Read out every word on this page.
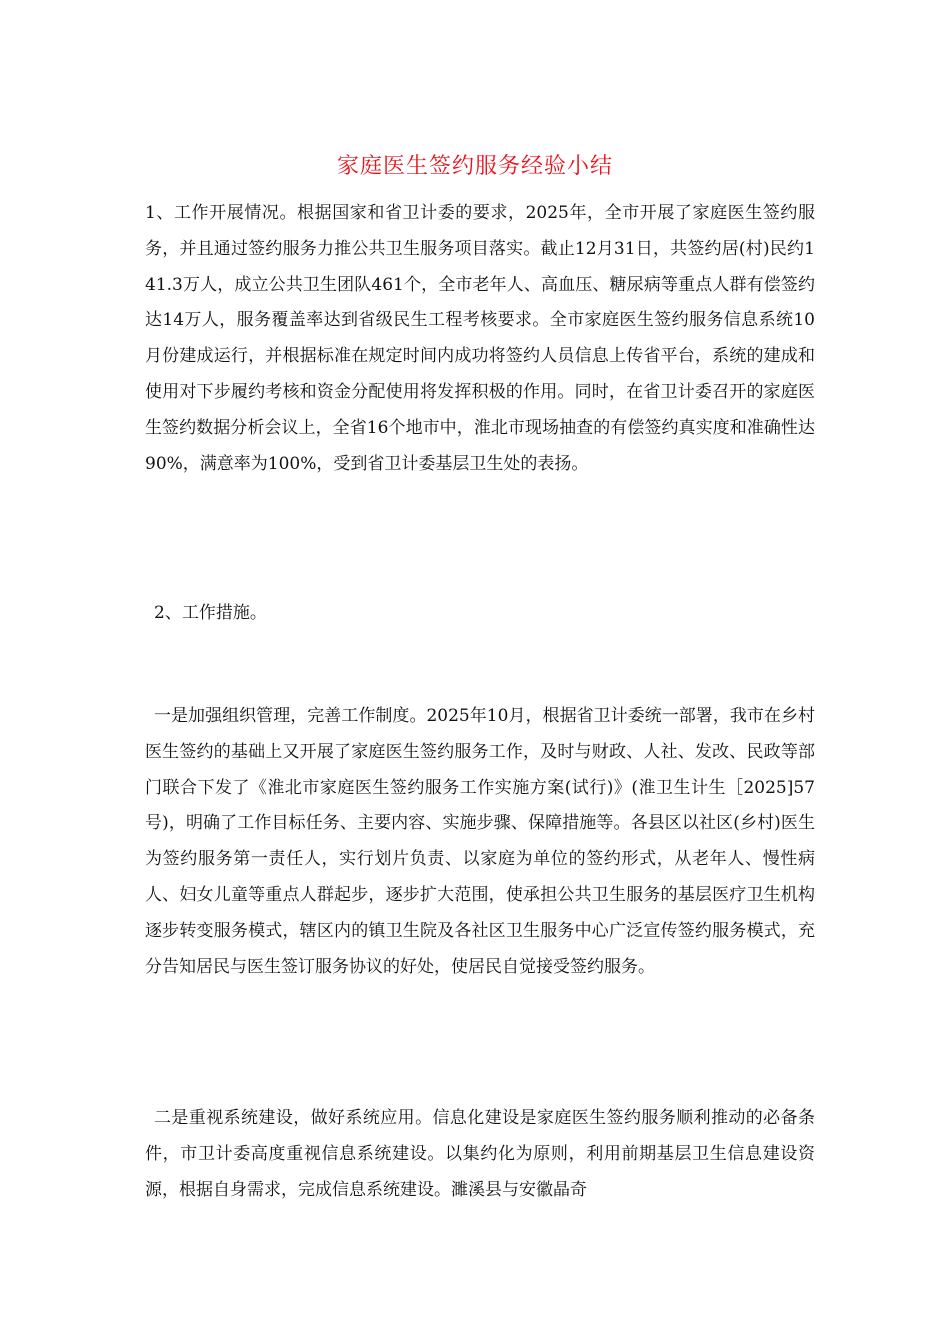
家庭医生签约服务经验小结

1、工作开展情况。根据国家和省卫计委的要求，2025年，全市开展了家庭医生签约服务，并且通过签约服务力推公共卫生服务项目落实。截止12月31日，共签约居(村)民约141.3万人，成立公共卫生团队461个，全市老年人、高血压、糖尿病等重点人群有偿签约达14万人，服务覆盖率达到省级民生工程考核要求。全市家庭医生签约服务信息系统10月份建成运行，并根据标准在规定时间内成功将签约人员信息上传省平台，系统的建成和使用对下步履约考核和资金分配使用将发挥积极的作用。同时，在省卫计委召开的家庭医生签约数据分析会议上，全省16个地市中，淮北市现场抽查的有偿签约真实度和准确性达90%，满意率为100%，受到省卫计委基层卫生处的表扬。

2、工作措施。

一是加强组织管理，完善工作制度。2025年10月，根据省卫计委统一部署，我市在乡村医生签约的基础上又开展了家庭医生签约服务工作，及时与财政、人社、发改、民政等部门联合下发了《淮北市家庭医生签约服务工作实施方案(试行)》(淮卫生计生［2025]57号)，明确了工作目标任务、主要内容、实施步骤、保障措施等。各县区以社区(乡村)医生为签约服务第一责任人，实行划片负责、以家庭为单位的签约形式，从老年人、慢性病人、妇女儿童等重点人群起步，逐步扩大范围，使承担公共卫生服务的基层医疗卫生机构逐步转变服务模式，辖区内的镇卫生院及各社区卫生服务中心广泛宣传签约服务模式，充分告知居民与医生签订服务协议的好处，使居民自觉接受签约服务。

二是重视系统建设，做好系统应用。信息化建设是家庭医生签约服务顺利推动的必备条件，市卫计委高度重视信息系统建设。以集约化为原则，利用前期基层卫生信息建设资源，根据自身需求，完成信息系统建设。濉溪县与安徽晶奇
